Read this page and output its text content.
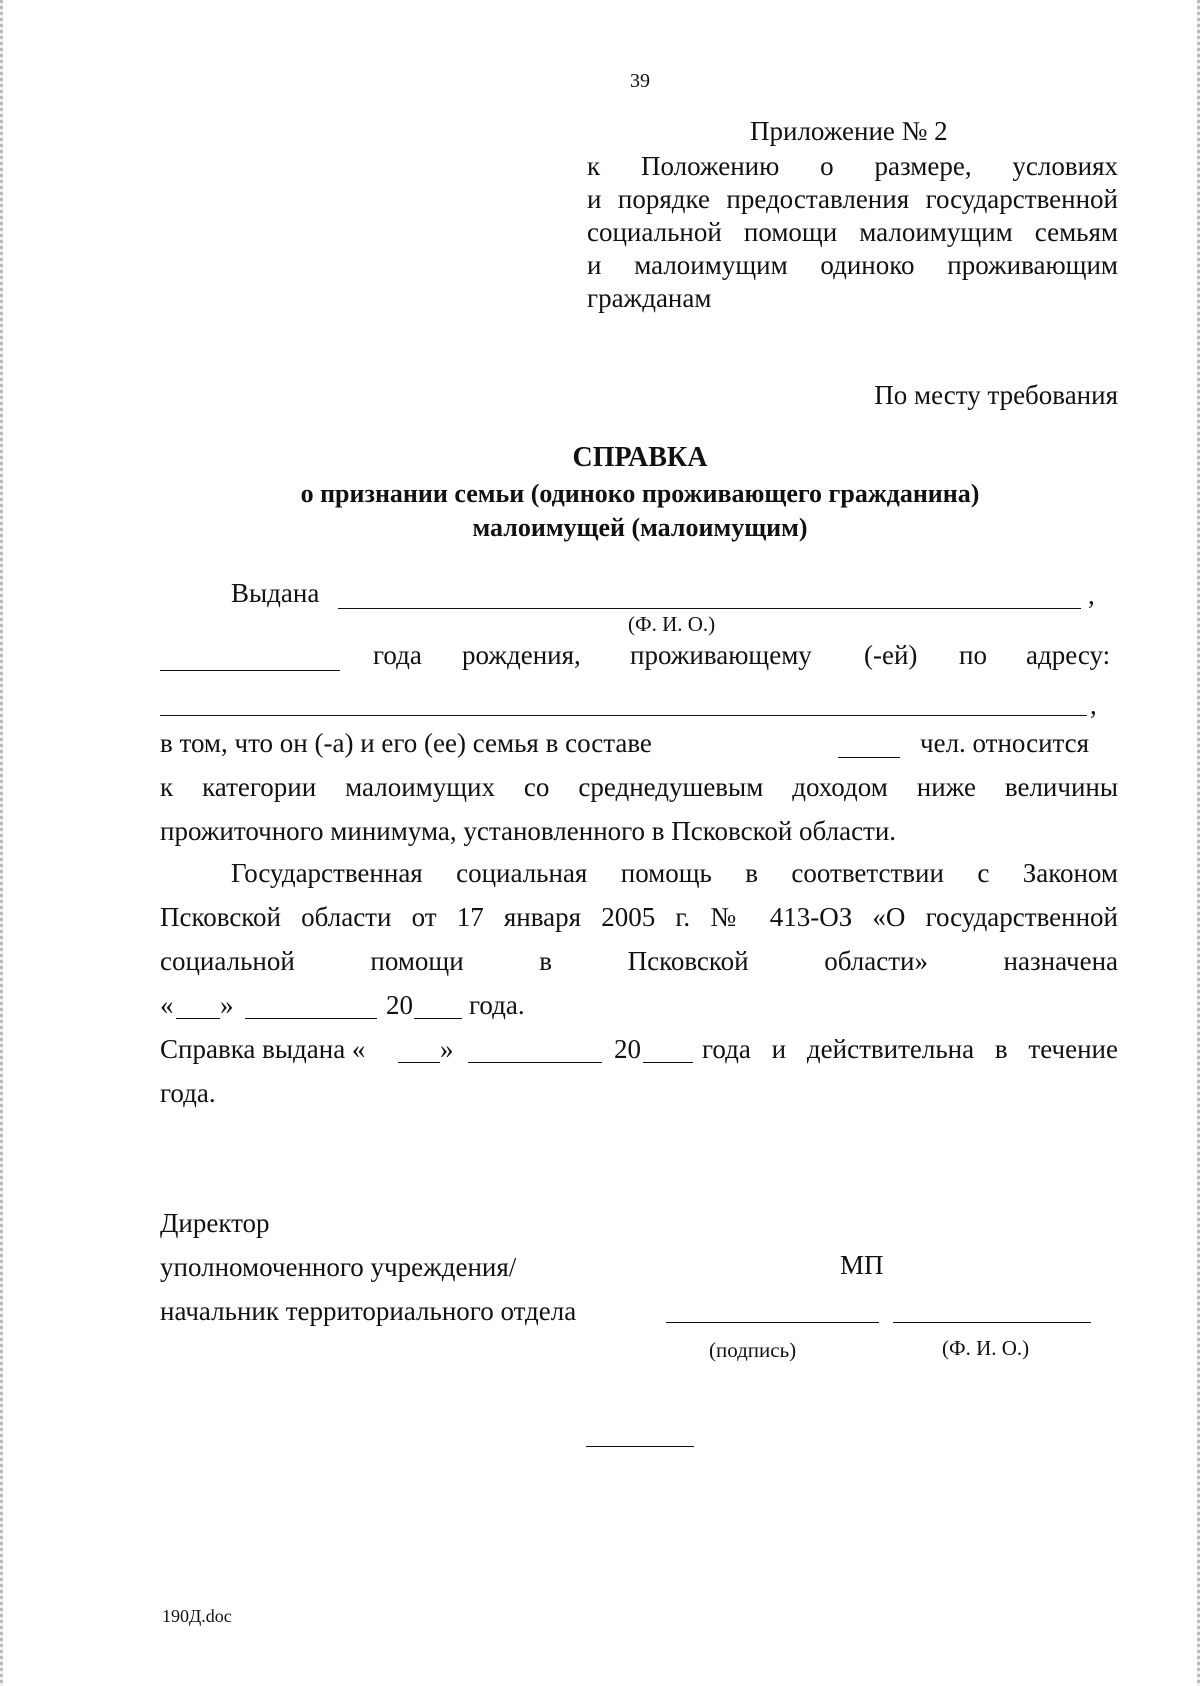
39
Приложение № 2
к Положению о размере, условиях
и порядке предоставления государственной
социальной помощи малоимущим семьям
и малоимущим одиноко проживающим
гражданам
По месту требования
СПРАВКА
о признании семьи (одиноко проживающего гражданина)
малоимущей (малоимущим)
Выдана	,
(Ф. И. О.)
года рождения, проживающему (-ей) по адресу:
,
в том, что он (-а) и его (ее) семья в составе	чел. относится
к категории малоимущих со среднедушевым доходом ниже величины
прожиточного минимума, установленного в Псковской области.
Государственная социальная помощь в соответствии с Законом
Псковской области от 17 января 2005 г. № 413-ОЗ «О государственной
социальной помощи в Псковской области» назначена
« »	20 года.
Справка выдана «	»	20 года и действительна в течение
года.
Директор
уполномоченного учреждения/
начальник территориального отдела
МП
(подпись)	(Ф. И. О.)
190Д.doc
